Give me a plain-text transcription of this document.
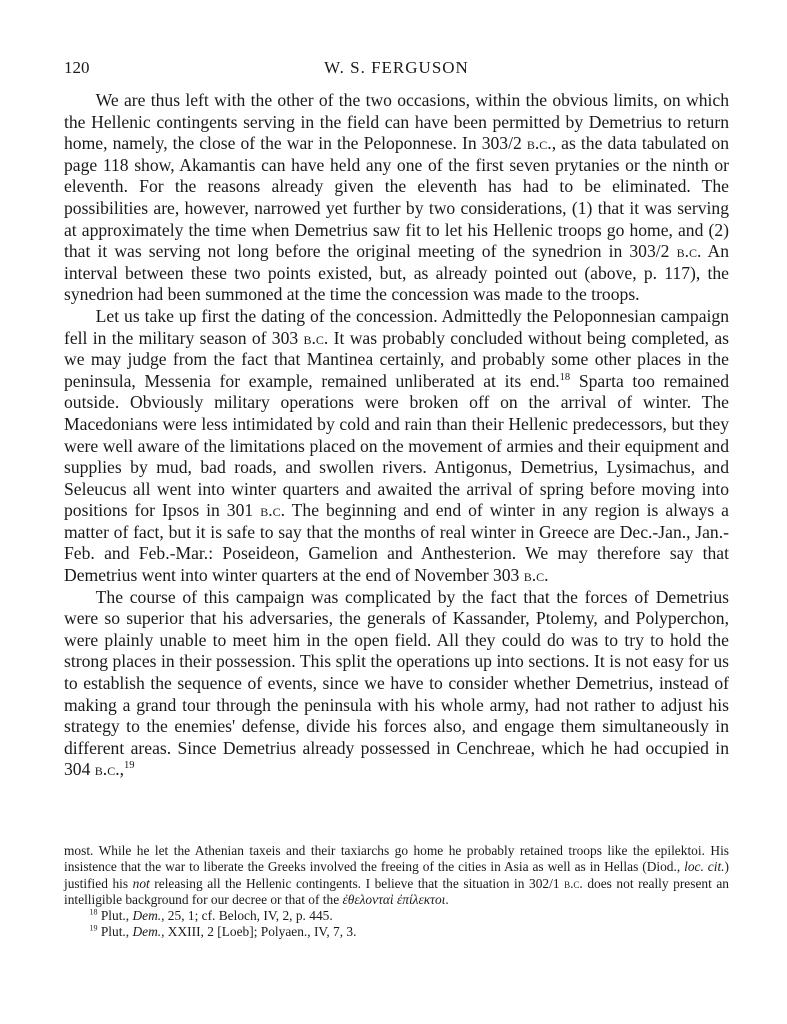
120	W. S. FERGUSON

We are thus left with the other of the two occasions, within the obvious limits, on which the Hellenic contingents serving in the field can have been permitted by Demetrius to return home, namely, the close of the war in the Peloponnese. In 303/2 b.c., as the data tabulated on page 118 show, Akamantis can have held any one of the first seven prytanies or the ninth or eleventh. For the reasons already given the eleventh has had to be eliminated. The possibilities are, however, narrowed yet further by two considerations, (1) that it was serving at approximately the time when Demetrius saw fit to let his Hellenic troops go home, and (2) that it was serving not long before the original meeting of the synedrion in 303/2 b.c. An interval between these two points existed, but, as already pointed out (above, p. 117), the synedrion had been summoned at the time the concession was made to the troops.

Let us take up first the dating of the concession. Admittedly the Peloponnesian campaign fell in the military season of 303 b.c. It was probably concluded without being completed, as we may judge from the fact that Mantinea certainly, and probably some other places in the peninsula, Messenia for example, remained unliberated at its end.$^{18}$ Sparta too remained outside. Obviously military operations were broken off on the arrival of winter. The Macedonians were less intimidated by cold and rain than their Hellenic predecessors, but they were well aware of the limitations placed on the movement of armies and their equipment and supplies by mud, bad roads, and swollen rivers. Antigonus, Demetrius, Lysimachus, and Seleucus all went into winter quarters and awaited the arrival of spring before moving into positions for Ipsos in 301 b.c. The beginning and end of winter in any region is always a matter of fact, but it is safe to say that the months of real winter in Greece are Dec.-Jan., Jan.-Feb. and Feb.-Mar.: Poseideon, Gamelion and Anthesterion. We may therefore say that Demetrius went into winter quarters at the end of November 303 b.c.

The course of this campaign was complicated by the fact that the forces of Demetrius were so superior that his adversaries, the generals of Kassander, Ptolemy, and Polyperchon, were plainly unable to meet him in the open field. All they could do was to try to hold the strong places in their possession. This split the operations up into sections. It is not easy for us to establish the sequence of events, since we have to consider whether Demetrius, instead of making a grand tour through the peninsula with his whole army, had not rather to adjust his strategy to the enemies' defense, divide his forces also, and engage them simultaneously in different areas. Since Demetrius already possessed in Cenchreae, which he had occupied in 304 b.c.,$^{19}$

most. While he let the Athenian taxeis and their taxiarchs go home he probably retained troops like the epilektoi. His insistence that the war to liberate the Greeks involved the freeing of the cities in Asia as well as in Hellas (Diod., loc. cit.) justified his not releasing all the Hellenic contingents. I believe that the situation in 302/1 b.c. does not really present an intelligible background for our decree or that of the ἐθελονταὶ ἐπίλεκτοι.

$^{18}$ Plut., Dem., 25, 1; cf. Beloch, IV, 2, p. 445.

$^{19}$ Plut., Dem., XXIII, 2 [Loeb]; Polyaen., IV, 7, 3.
